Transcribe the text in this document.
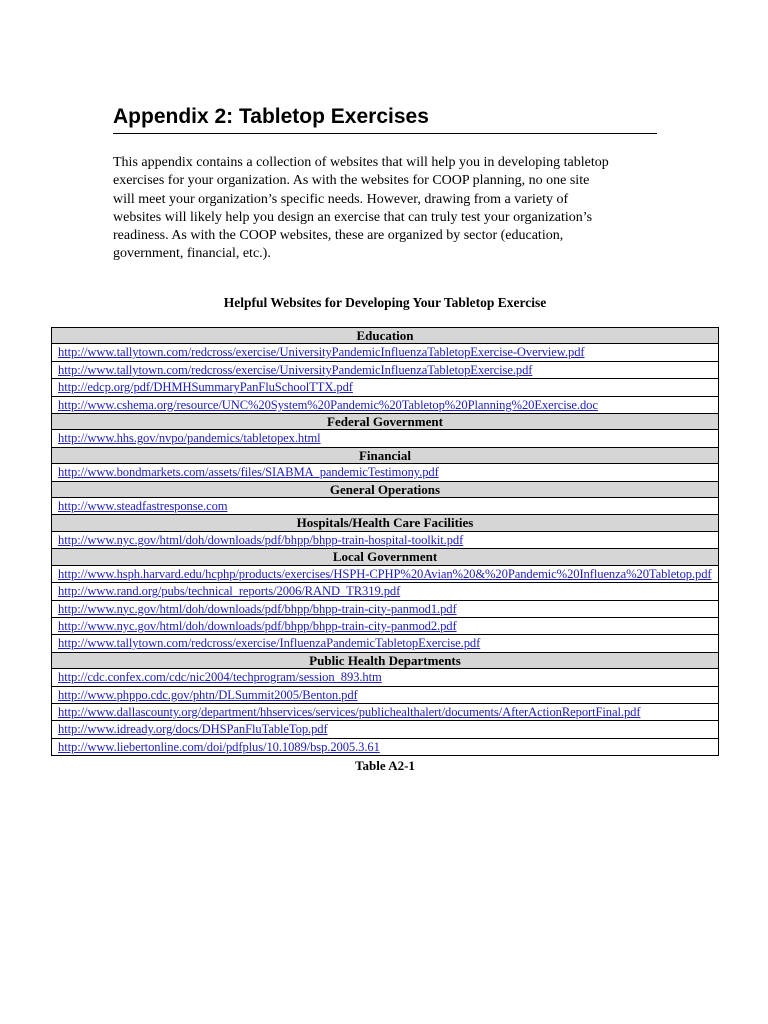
Appendix 2: Tabletop Exercises

This appendix contains a collection of websites that will help you in developing tabletop
exercises for your organization. As with the websites for COOP planning, no one site
will meet your organization’s specific needs. However, drawing from a variety of
websites will likely help you design an exercise that can truly test your organization’s
readiness. As with the COOP websites, these are organized by sector (education,
government, financial, etc.).

Helpful Websites for Developing Your Tabletop Exercise
Education
http://www.tallytown.com/redcross/exercise/UniversityPandemicInfluenzaTabletopExercise-Overview.pdf
http://www.tallytown.com/redcross/exercise/UniversityPandemicInfluenzaTabletopExercise.pdf
http://edcp.org/pdf/DHMHSummaryPanFluSchoolTTX.pdf
http://www.cshema.org/resource/UNC%20System%20Pandemic%20Tabletop%20Planning%20Exercise.doc
Federal Government
http://www.hhs.gov/nvpo/pandemics/tabletopex.html
Financial
http://www.bondmarkets.com/assets/files/SIABMA_pandemicTestimony.pdf
General Operations
http://www.steadfastresponse.com
Hospitals/Health Care Facilities
http://www.nyc.gov/html/doh/downloads/pdf/bhpp/bhpp-train-hospital-toolkit.pdf
Local Government
http://www.hsph.harvard.edu/hcphp/products/exercises/HSPH-CPHP%20Avian%20&%20Pandemic%20Influenza%20Tabletop.pdf
http://www.rand.org/pubs/technical_reports/2006/RAND_TR319.pdf
http://www.nyc.gov/html/doh/downloads/pdf/bhpp/bhpp-train-city-panmod1.pdf
http://www.nyc.gov/html/doh/downloads/pdf/bhpp/bhpp-train-city-panmod2.pdf
http://www.tallytown.com/redcross/exercise/InfluenzaPandemicTabletopExercise.pdf
Public Health Departments
http://cdc.confex.com/cdc/nic2004/techprogram/session_893.htm
http://www.phppo.cdc.gov/phtn/DLSummit2005/Benton.pdf
http://www.dallascounty.org/department/hhservices/services/publichealthalert/documents/AfterActionReportFinal.pdf
http://www.idready.org/docs/DHSPanFluTableTop.pdf
http://www.liebertonline.com/doi/pdfplus/10.1089/bsp.2005.3.61
Table A2-1
